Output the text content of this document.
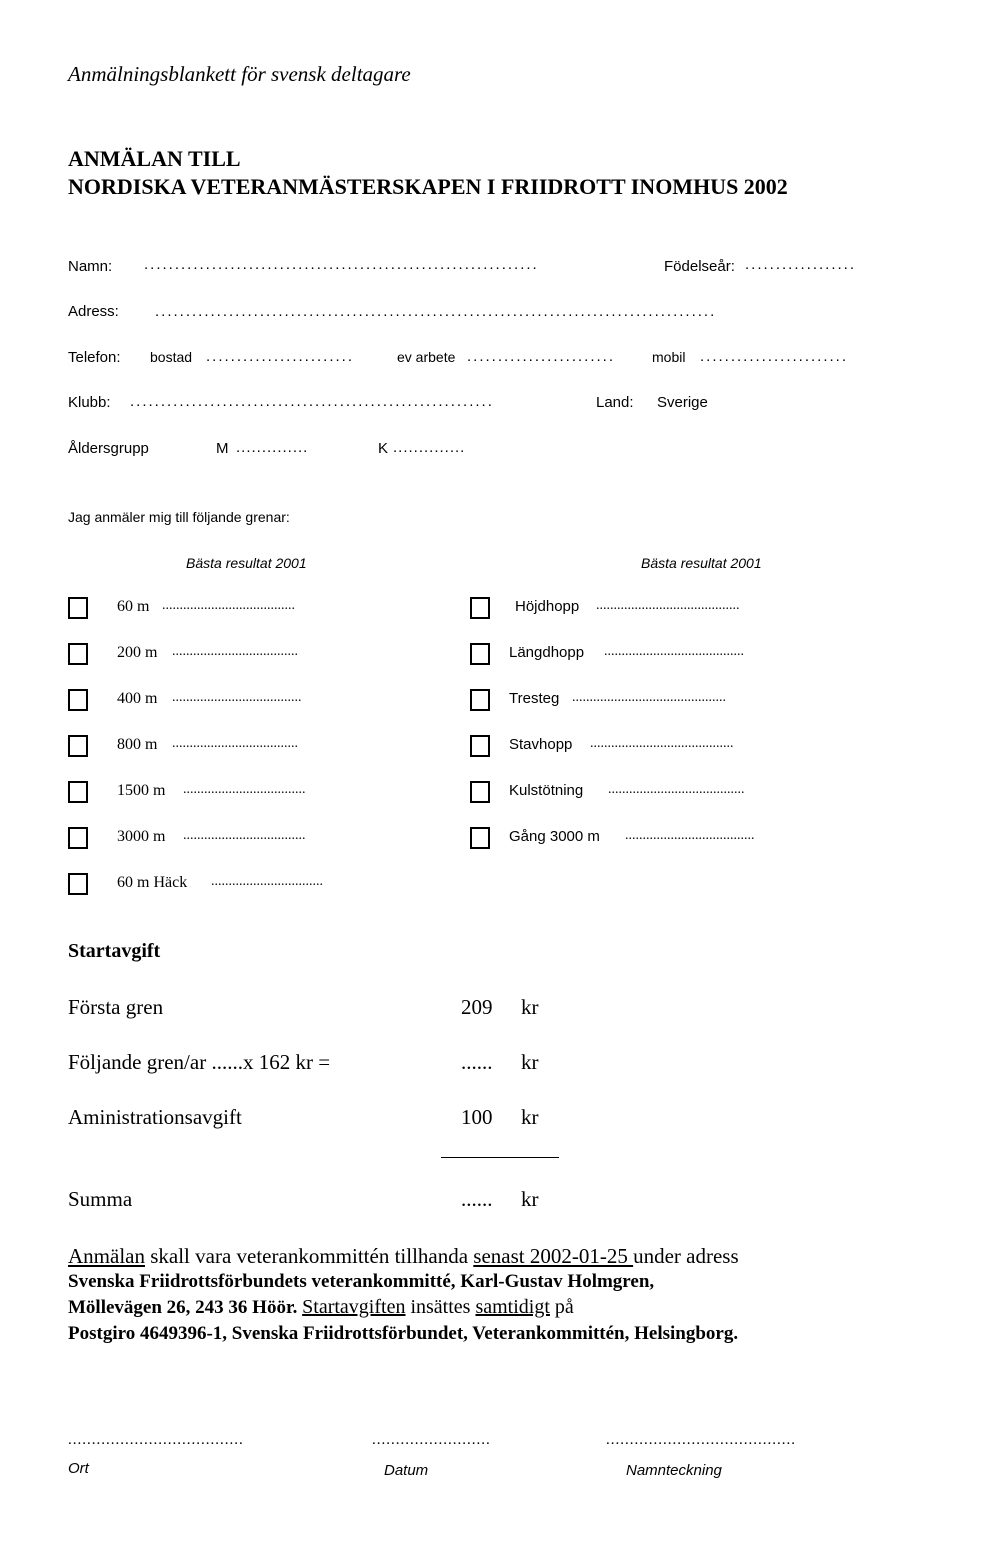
Anmälningsblankett för svensk deltagare
ANMÄLAN TILL
NORDISKA VETERANMÄSTERSKAPEN I FRIIDROTT INOMHUS 2002
Namn: ................................................................	Födelseår: ..................
Adress: ...........................................................................................
Telefon: bostad ........................	ev arbete ........................	mobil ........................
Klubb: ...........................................................	Land: Sverige
Åldersgrupp	M ..............	K ..............
Jag anmäler mig till följande grenar:
Bästa resultat 2001	Bästa resultat 2001
60 m ......................................
200 m ....................................
400 m .....................................
800 m ....................................
1500 m ...................................
3000 m ...................................
60 m Häck ................................
Höjdhopp .........................................
Längdhopp ........................................
Tresteg ............................................
Stavhopp .........................................
Kulstötning .......................................
Gång 3000 m .....................................
Startavgift
Första gren	209 kr
Följande gren/ar ......x 162 kr =	...... kr
Aministrationsavgift	100 kr
Summa	...... kr
Anmälan skall vara veterankommittén tillhanda senast 2002-01-25 under adress
Svenska Friidrottsförbundets veterankommitté, Karl-Gustav Holmgren,
Möllevägen 26, 243 36 Höör. Startavgiften insättes samtidigt på
Postgiro 4649396-1, Svenska Friidrottsförbundet, Veterankommittén, Helsingborg.
.....................................	.........................	........................................
Ort	Datum	Namnteckning
